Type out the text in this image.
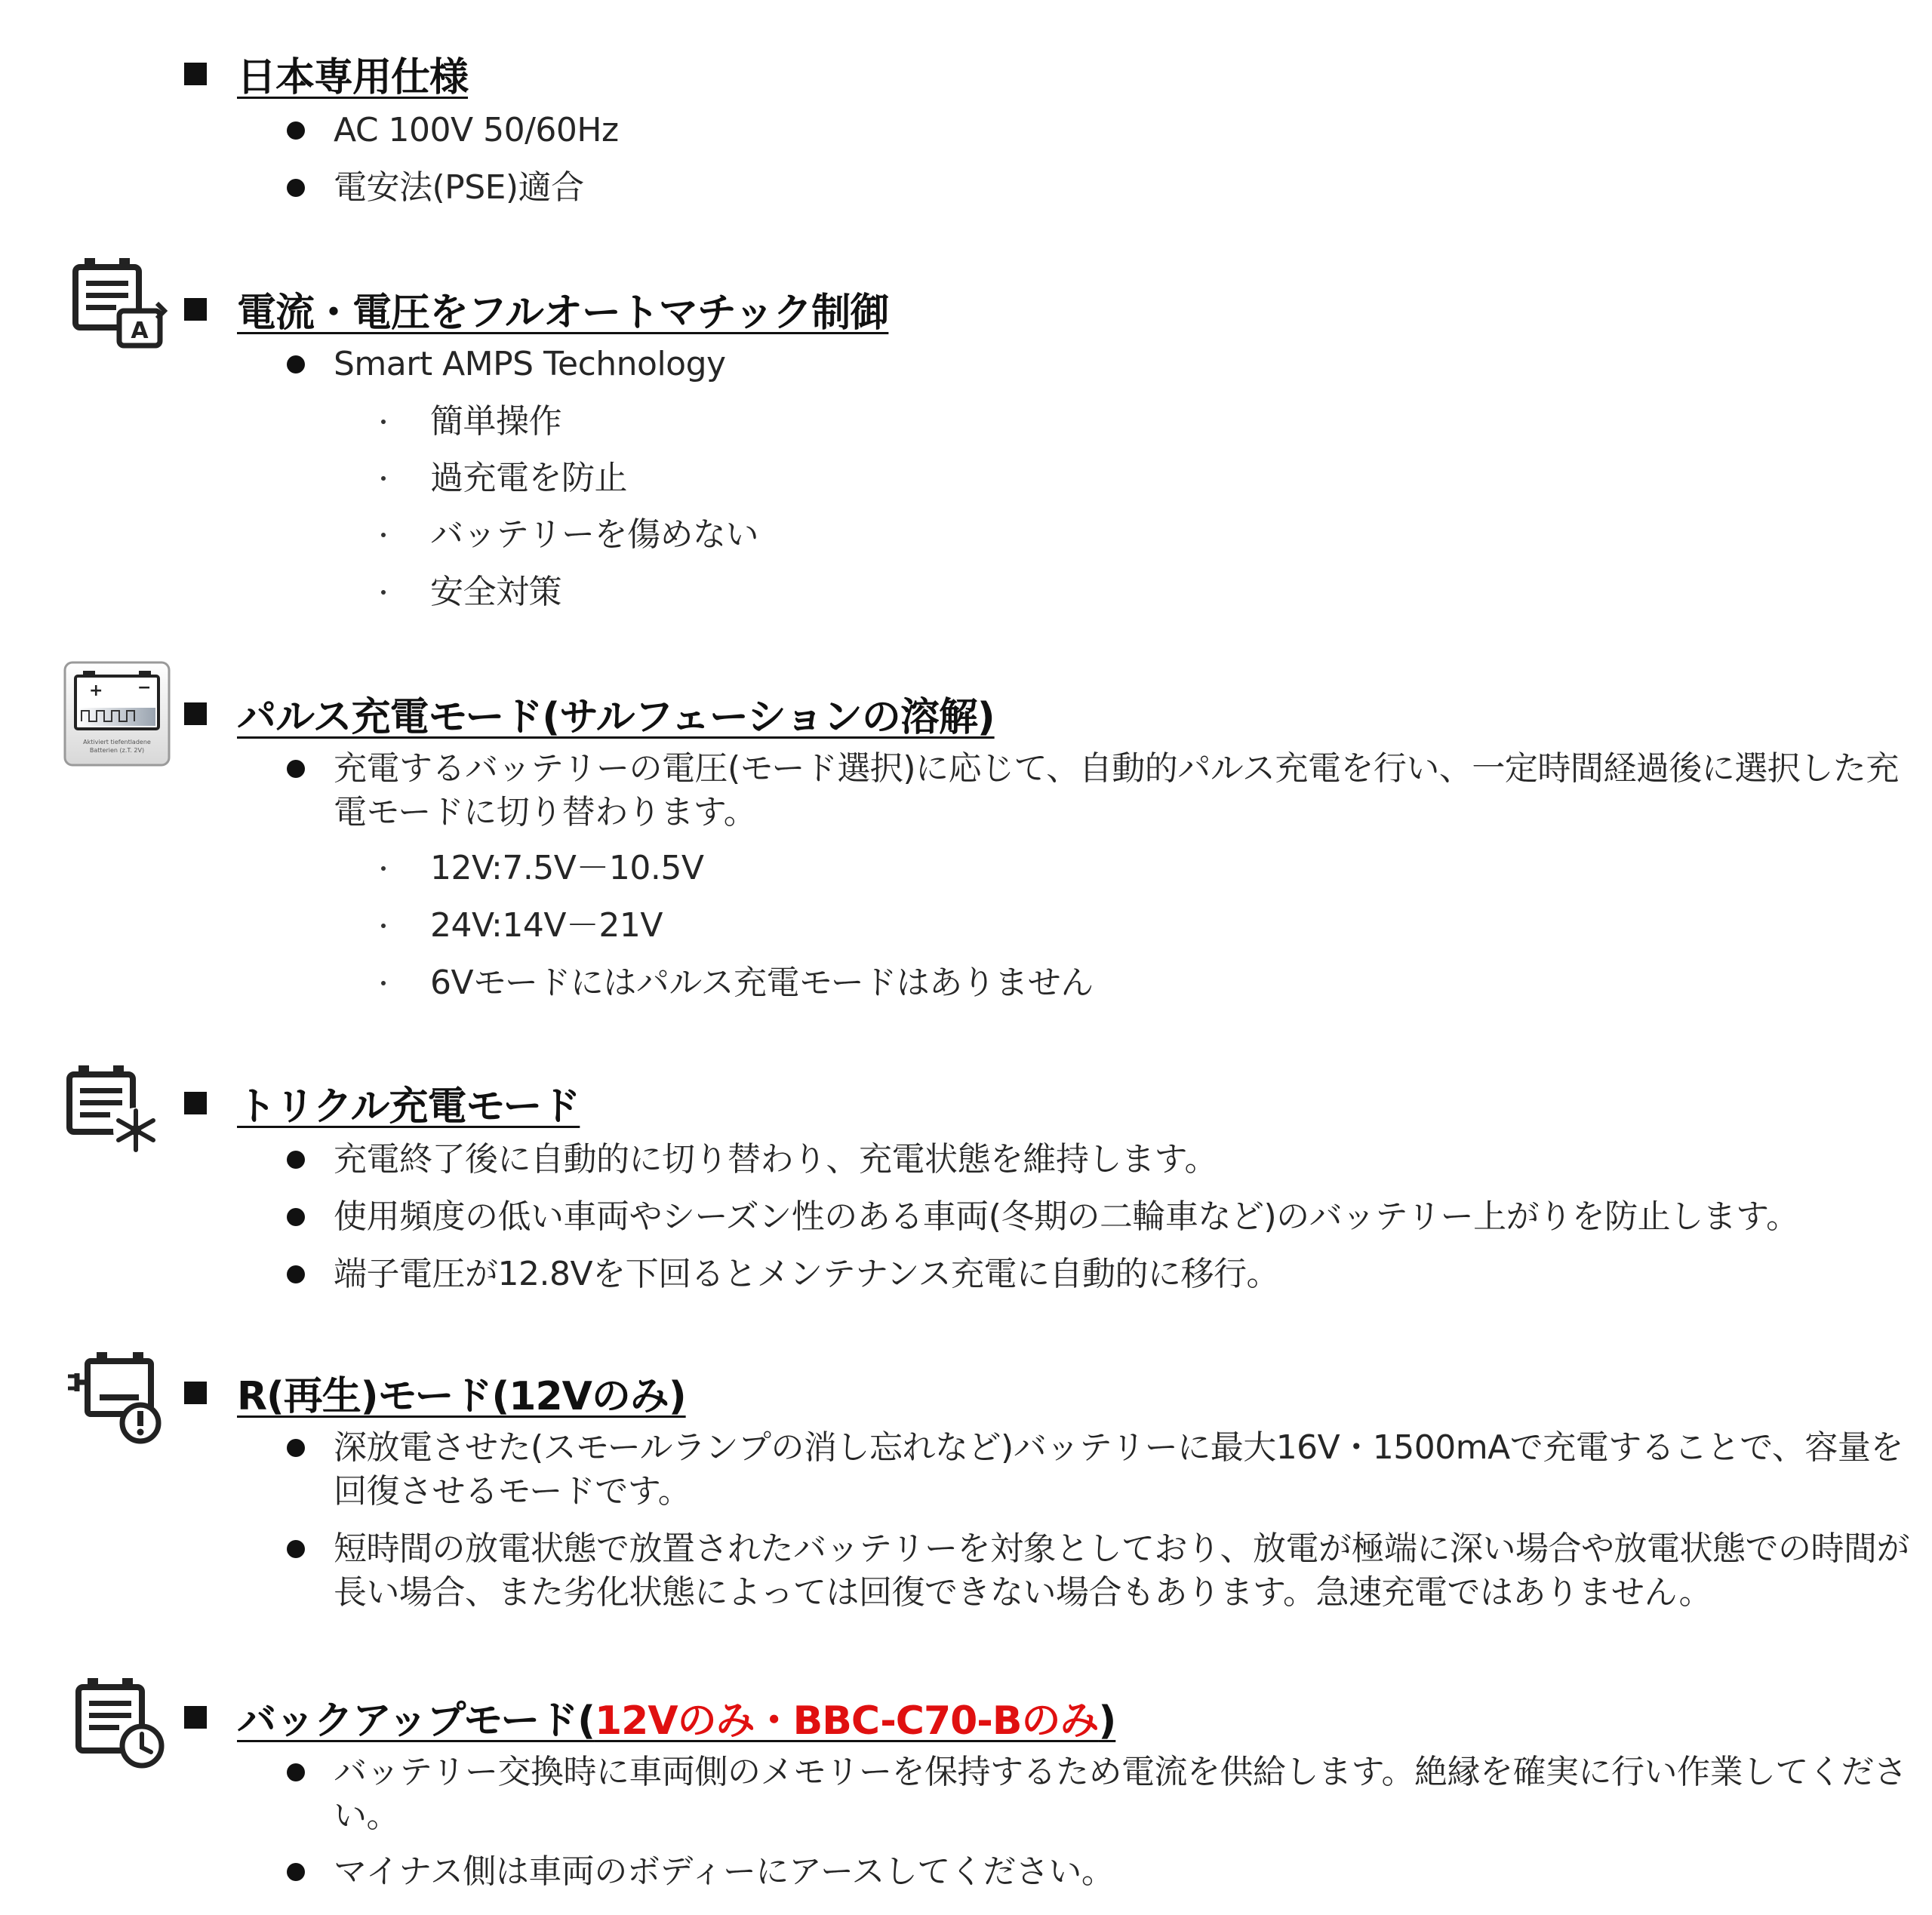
日本専用仕様
AC 100V 50/60Hz
電安法(PSE)適合
A 電流・電圧をフルオートマチック制御
Smart AMPS Technology
簡単操作
過充電を防止
バッテリーを傷めない
安全対策
+ −
Aktiviert tiefentladene
Batterien (z.T. 2V)
パルス充電モード(サルフェーションの溶解)
充電するバッテリーの電圧(モード選択)に応じて、自動的パルス充電を行い、一定時間経過後に選択した充電モードに切り替わります。
12V:7.5V－10.5V
24V:14V－21V
6Vモードにはパルス充電モードはありません
トリクル充電モード
充電終了後に自動的に切り替わり、充電状態を維持します。
使用頻度の低い車両やシーズン性のある車両(冬期の二輪車など)のバッテリー上がりを防止します。
端子電圧が12.8Vを下回るとメンテナンス充電に自動的に移行。
R(再生)モード(12Vのみ)
深放電させた(スモールランプの消し忘れなど)バッテリーに最大16V・1500mAで充電することで、容量を回復させるモードです。
短時間の放電状態で放置されたバッテリーを対象としており、放電が極端に深い場合や放電状態での時間が長い場合、また劣化状態によっては回復できない場合もあります。急速充電ではありません。
バックアップモード(12Vのみ・BBC-C70-Bのみ)
バッテリー交換時に車両側のメモリーを保持するため電流を供給します。絶縁を確実に行い作業してください。
マイナス側は車両のボディーにアースしてください。
